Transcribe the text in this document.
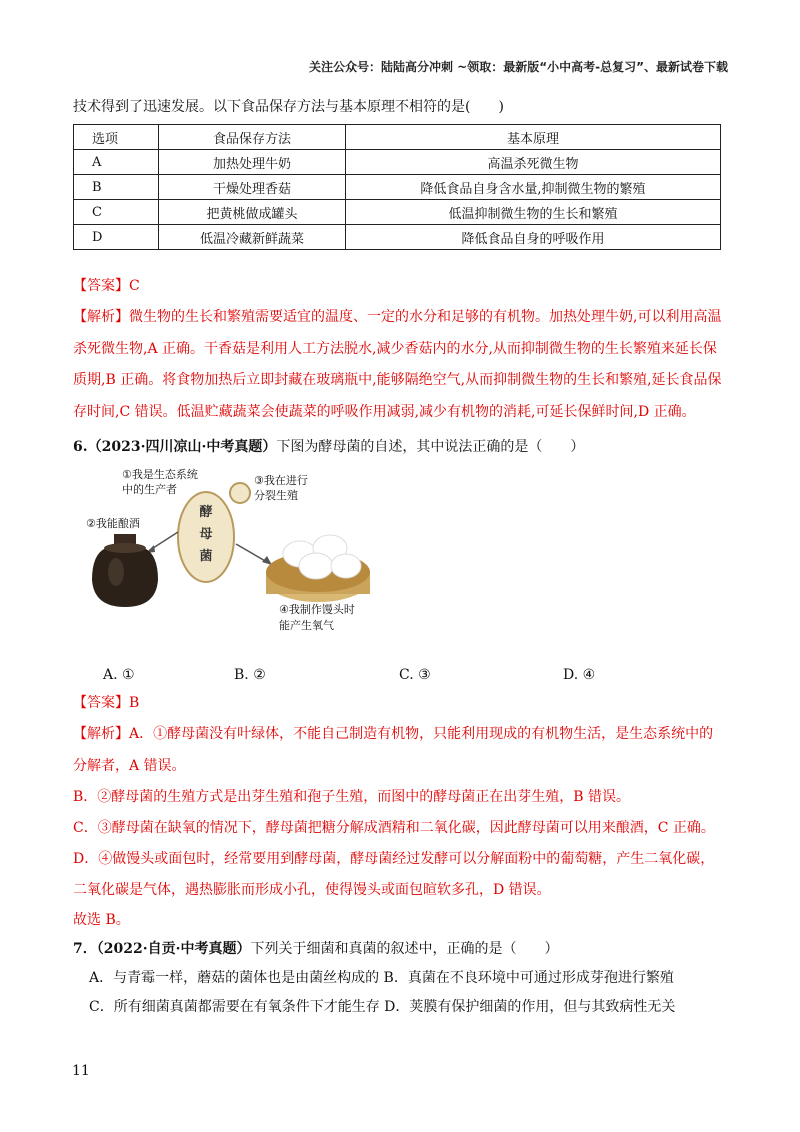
关注公众号：陆陆高分冲刺 ~领取：最新版“小中高考-总复习”、最新试卷下载
技术得到了迅速发展。以下食品保存方法与基本原理不相符的是(　　)
选项	食品保存方法	基本原理
A	加热处理牛奶	高温杀死微生物
B	干燥处理香菇	降低食品自身含水量,抑制微生物的繁殖
C	把黄桃做成罐头	低温抑制微生物的生长和繁殖
D	低温冷藏新鲜蔬菜	降低食品自身的呼吸作用
【答案】C
【解析】微生物的生长和繁殖需要适宜的温度、一定的水分和足够的有机物。加热处理牛奶,可以利用高温
杀死微生物,A 正确。干香菇是利用人工方法脱水,减少香菇内的水分,从而抑制微生物的生长繁殖来延长保
质期,B 正确。将食物加热后立即封藏在玻璃瓶中,能够隔绝空气,从而抑制微生物的生长和繁殖,延长食品保
存时间,C 错误。低温贮藏蔬菜会使蔬菜的呼吸作用减弱,减少有机物的消耗,可延长保鲜时间,D 正确。
6.（2023·四川凉山·中考真题）下图为酵母菌的自述，其中说法正确的是（　　）
①我是生态系统
中的生产者
②我能酿酒
③我在进行
分裂生殖
④我制作馒头时
能产生氧气
酵
母
菌
A. ①	B. ②	C. ③	D. ④
【答案】B
【解析】A．①酵母菌没有叶绿体，不能自己制造有机物，只能利用现成的有机物生活，是生态系统中的
分解者，A 错误。
B．②酵母菌的生殖方式是出芽生殖和孢子生殖，而图中的酵母菌正在出芽生殖，B 错误。
C．③酵母菌在缺氧的情况下，酵母菌把糖分解成酒精和二氧化碳，因此酵母菌可以用来酿酒，C 正确。
D．④做馒头或面包时，经常要用到酵母菌，酵母菌经过发酵可以分解面粉中的葡萄糖，产生二氧化碳，
二氧化碳是气体，遇热膨胀而形成小孔，使得馒头或面包暄软多孔，D 错误。
故选 B。
7．（2022·自贡·中考真题）下列关于细菌和真菌的叙述中，正确的是（　　）
A．与青霉一样，蘑菇的菌体也是由菌丝构成的 B．真菌在不良环境中可通过形成芽孢进行繁殖
C．所有细菌真菌都需要在有氧条件下才能生存 D．荚膜有保护细菌的作用，但与其致病性无关
11
